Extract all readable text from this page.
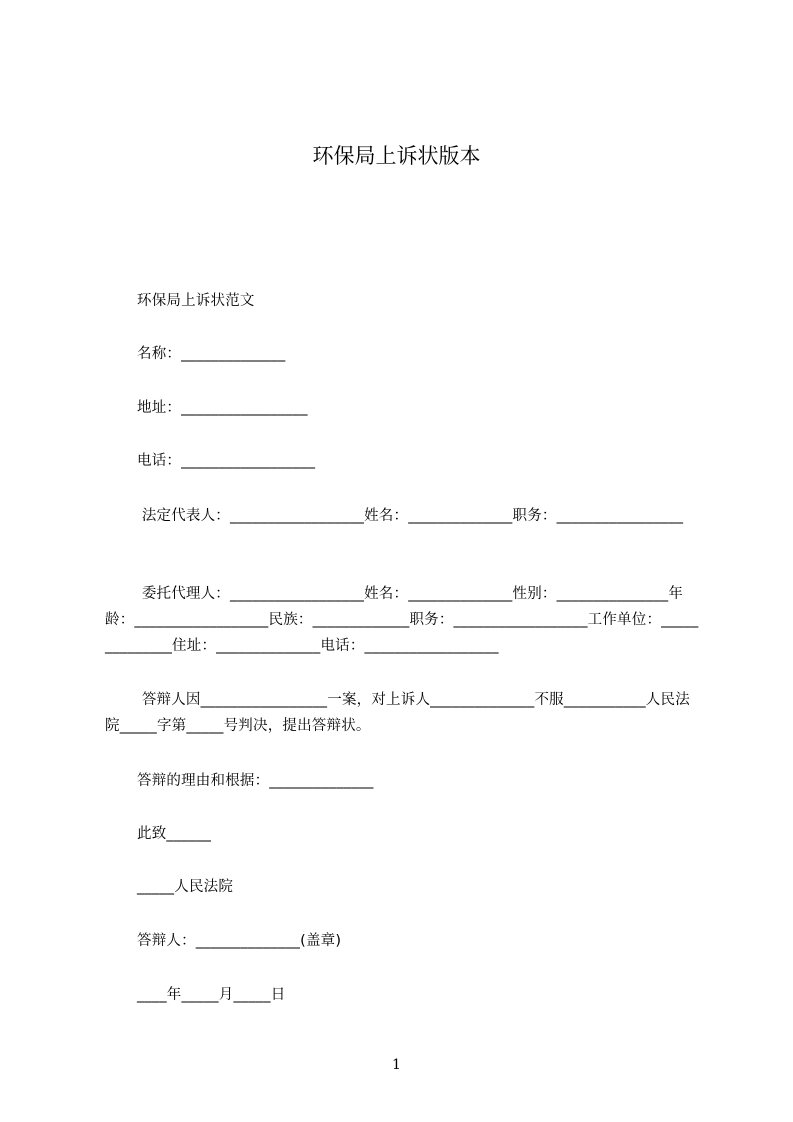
环保局上诉状版本

环保局上诉状范文

名称：______________

地址：_________________

电话：__________________

法定代表人：__________________姓名：______________职务：_________________

委托代理人：__________________姓名：______________性别：_______________年龄：__________________民族：_____________职务：__________________工作单位：______________住址：______________电话：__________________

答辩人因_________________一案，对上诉人______________不服___________人民法院_____字第_____号判决，提出答辩状。

答辩的理由和根据：______________

此致______

_____人民法院

答辩人：______________(盖章)

____年_____月_____日

1
